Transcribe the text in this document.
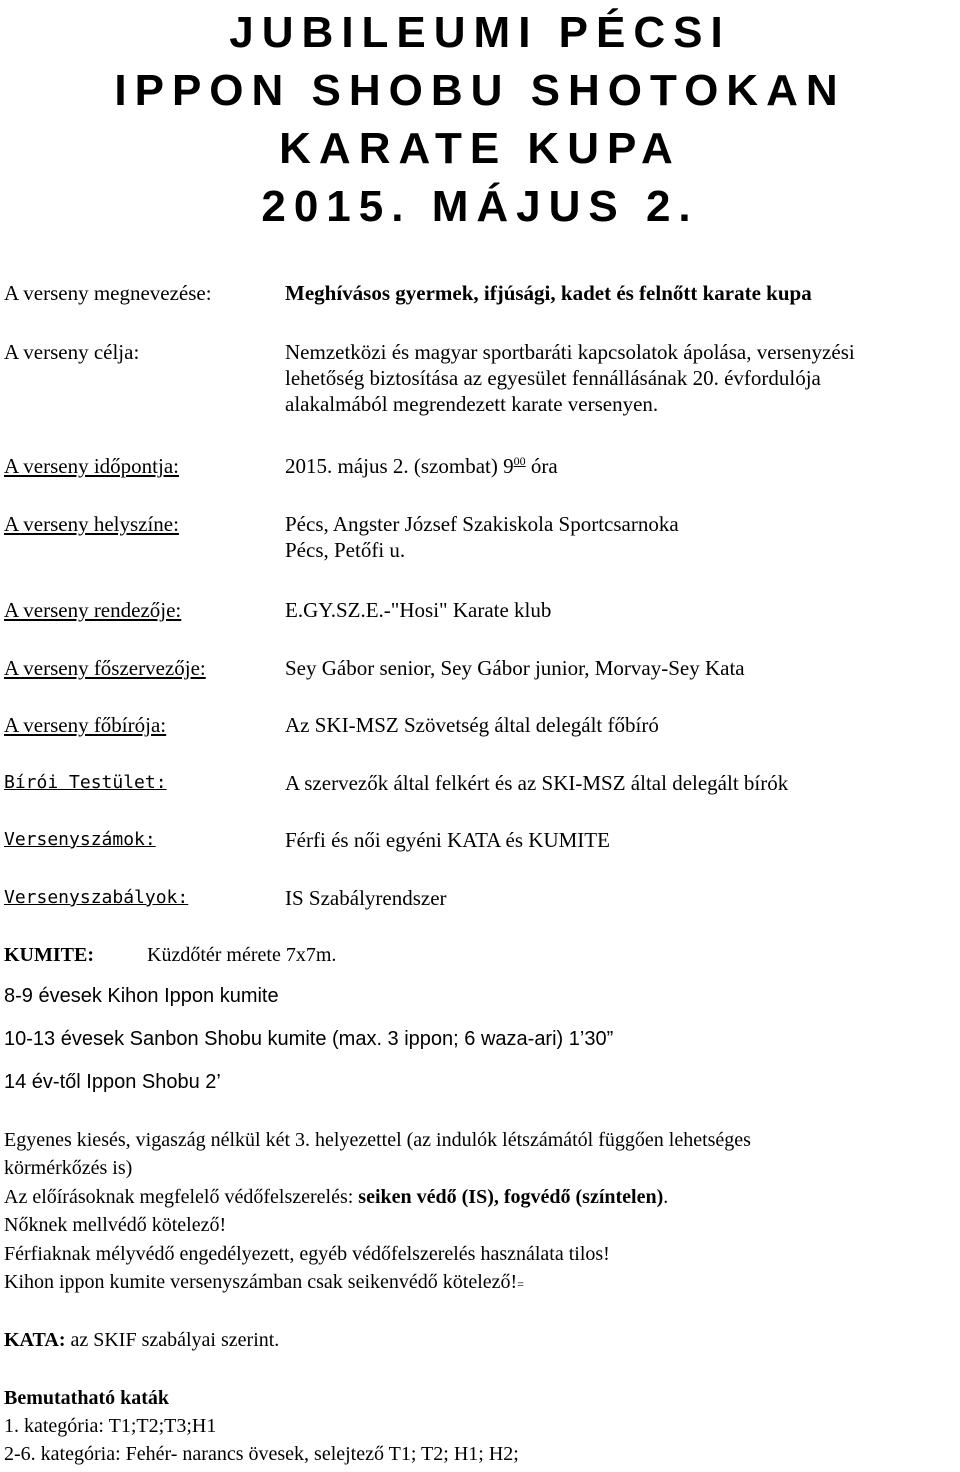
JUBILEUMI PÉCSI
IPPON SHOBU SHOTOKAN
KARATE KUPA
2015. MÁJUS 2.
A verseny megnevezése:	Meghívásos gyermek, ifjúsági, kadet és felnőtt karate kupa
A verseny célja:	Nemzetközi és magyar sportbaráti kapcsolatok ápolása, versenyzési
lehetőség biztosítása az egyesület fennállásának 20. évfordulója
alakalmából megrendezett karate versenyen.
A verseny időpontja:	2015. május 2. (szombat) $9^{00}$ óra
A verseny helyszíne:	Pécs, Angster József Szakiskola Sportcsarnoka
Pécs, Petőfi u.
A verseny rendezője:	E.GY.SZ.E.-"Hosi" Karate klub
A verseny főszervezője:	Sey Gábor senior, Sey Gábor junior, Morvay-Sey Kata
A verseny főbírója:	Az SKI-MSZ Szövetség által delegált főbíró
Bírói Testület:	A szervezők által felkért és az SKI-MSZ által delegált bírók
Versenyszámok:	Férfi és női egyéni KATA és KUMITE
Versenyszabályok:	IS Szabályrendszer
KUMITE:	Küzdőtér mérete 7x7m.
8-9 évesek Kihon Ippon kumite
10-13 évesek Sanbon Shobu kumite (max. 3 ippon; 6 waza-ari) 1’30”
14 év-től Ippon Shobu 2’
Egyenes kiesés, vigaszág nélkül két 3. helyezettel (az indulók létszámától függően lehetséges
körmérkőzés is)
Az előírásoknak megfelelő védőfelszerelés: seiken védő (IS), fogvédő (színtelen).
Nőknek mellvédő kötelező!
Férfiaknak mélyvédő engedélyezett, egyéb védőfelszerelés használata tilos!
Kihon ippon kumite versenyszámban csak seikenvédő kötelező!=
KATA: az SKIF szabályai szerint.
Bemutatható katák
1. kategória: T1;T2;T3;H1
2-6. kategória: Fehér- narancs övesek, selejtező T1; T2; H1; H2;
